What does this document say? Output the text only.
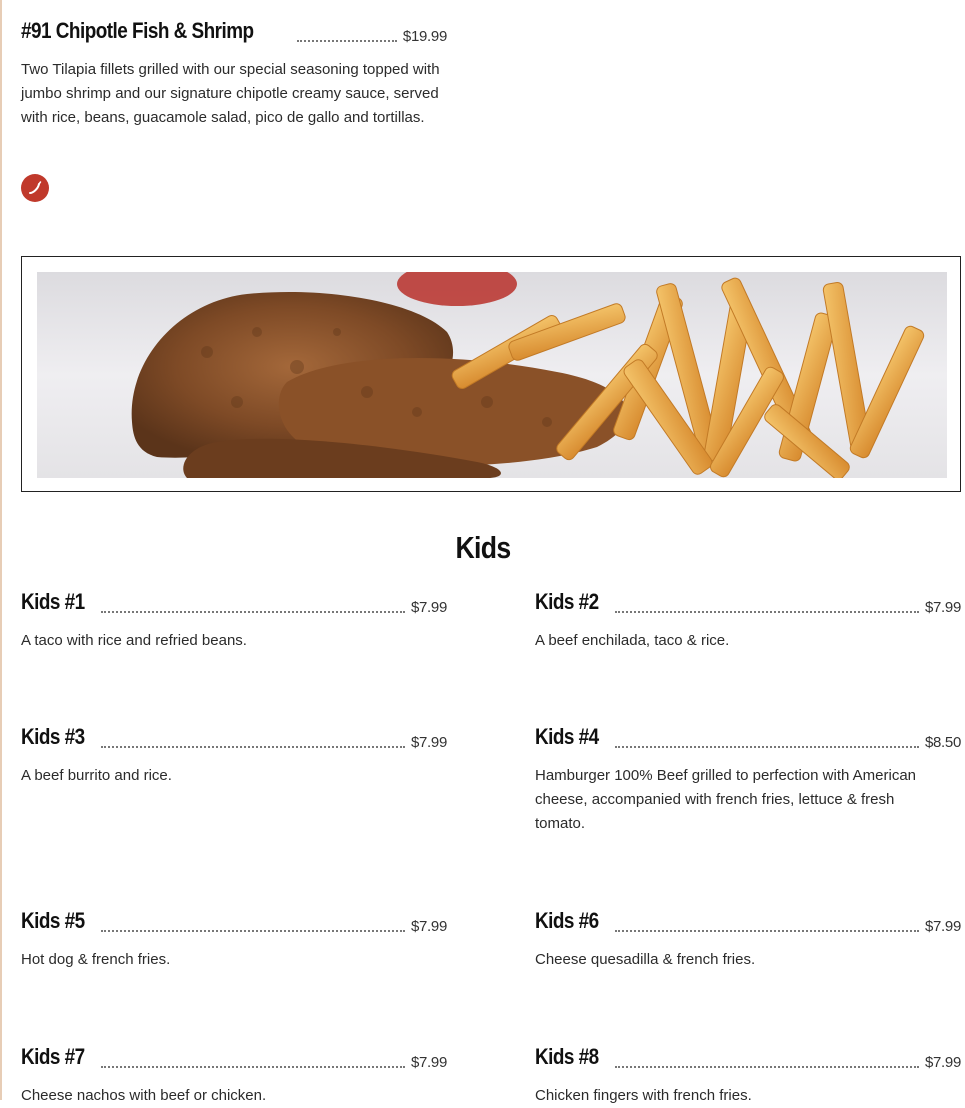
#91 Chipotle Fish & Shrimp	$19.99
Two Tilapia fillets grilled with our special seasoning topped with jumbo shrimp and our signature chipotle creamy sauce, served with rice, beans, guacamole salad, pico de gallo and tortillas.
Kids
Kids #1	$7.99
A taco with rice and refried beans.
Kids #2	$7.99
A beef enchilada, taco & rice.
Kids #3	$7.99
A beef burrito and rice.
Kids #4	$8.50
Hamburger 100% Beef grilled to perfection with American cheese, accompanied with french fries, lettuce & fresh tomato.
Kids #5	$7.99
Hot dog & french fries.
Kids #6	$7.99
Cheese quesadilla & french fries.
Kids #7	$7.99
Cheese nachos with beef or chicken.
Kids #8	$7.99
Chicken fingers with french fries.
